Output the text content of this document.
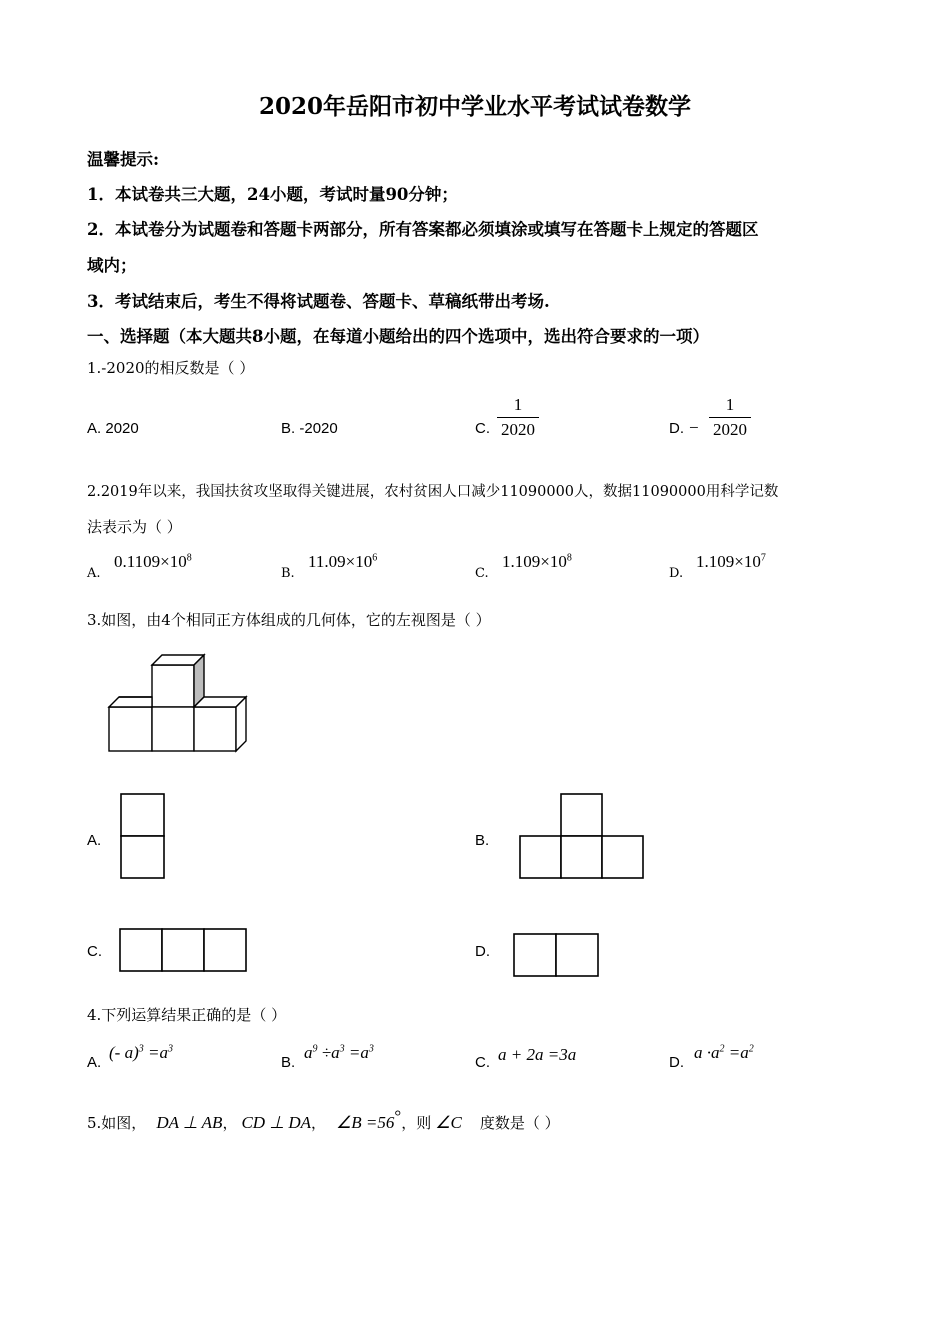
2020年岳阳市初中学业水平考试试卷数学
温馨提示:
1．本试卷共三大题，24小题，考试时量90分钟；
2．本试卷分为试题卷和答题卡两部分，所有答案都必须填涂或填写在答题卡上规定的答题区
域内；
3．考试结束后，考生不得将试题卷、答题卡、草稿纸带出考场.
一、选择题（本大题共8小题，在每道小题给出的四个选项中，选出符合要求的一项）
1.-2020的相反数是（ ）
A. 2020	B. -2020	C.
1
2020	D. −
1
2020
2.2019年以来，我国扶贫攻坚取得关键进展，农村贫困人口减少11090000人，数据11090000用科学记数
法表示为（ ）
A.
$0.1109\times 10^8$
B.
$11.09\times 10^6$
C.
$1.109\times 10^8$
D.
$1.109\times 10^7$
3.如图，由4个相同正方体组成的几何体，它的左视图是（ ）
A.	B.
C.	D.
4.下列运算结果正确的是（ ）
A.
(- $a)^3 =a^3$
B.
$a^9 \div a^3 =a^3$
C. a + 2a =3a	D.
$a \cdot a^2 =a^2$
5.如图， DA ⊥ AB， CD ⊥ DA， ∠B =56°，则 ∠C 度数是（ ）
